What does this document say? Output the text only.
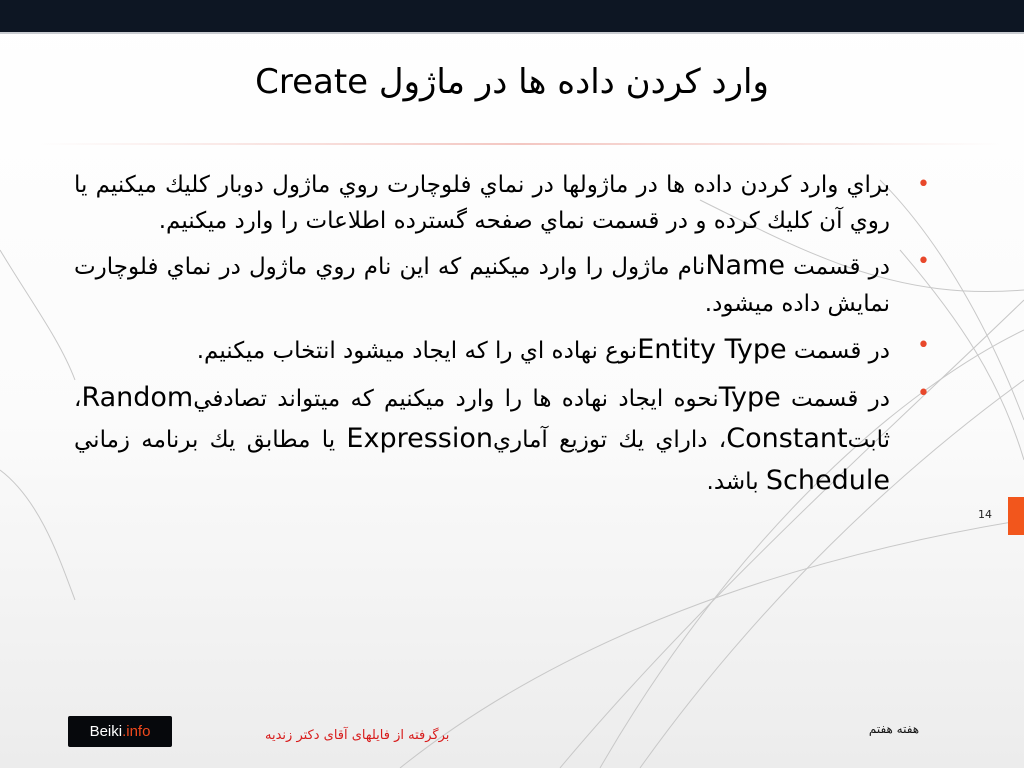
وارد كردن داده ها در ماژول Create
•
براي وارد كردن داده ها در ماژولها در نماي فلوچارت روي ماژول دوبار كليك ميكنيم يا روي آن كليك كرده و در قسمت نماي صفحه گسترده اطلاعات را وارد ميكنيم.
•
در قسمت Nameنام ماژول را وارد ميكنيم كه اين نام روي ماژول در نماي فلوچارت نمايش داده ميشود.
•
در قسمت Entity Typeنوع نهاده اي را كه ايجاد ميشود انتخاب ميكنيم.
•
در قسمت Typeنحوه ايجاد نهاده ها را وارد ميكنيم كه ميتواند تصادفيRandom، ثابتConstant، داراي يك توزيع آماريExpression يا مطابق يك برنامه زماني Schedule باشد.
14
Beiki .info	برگرفته از فایلهای آقای دکتر زندیه	هفته هفتم
